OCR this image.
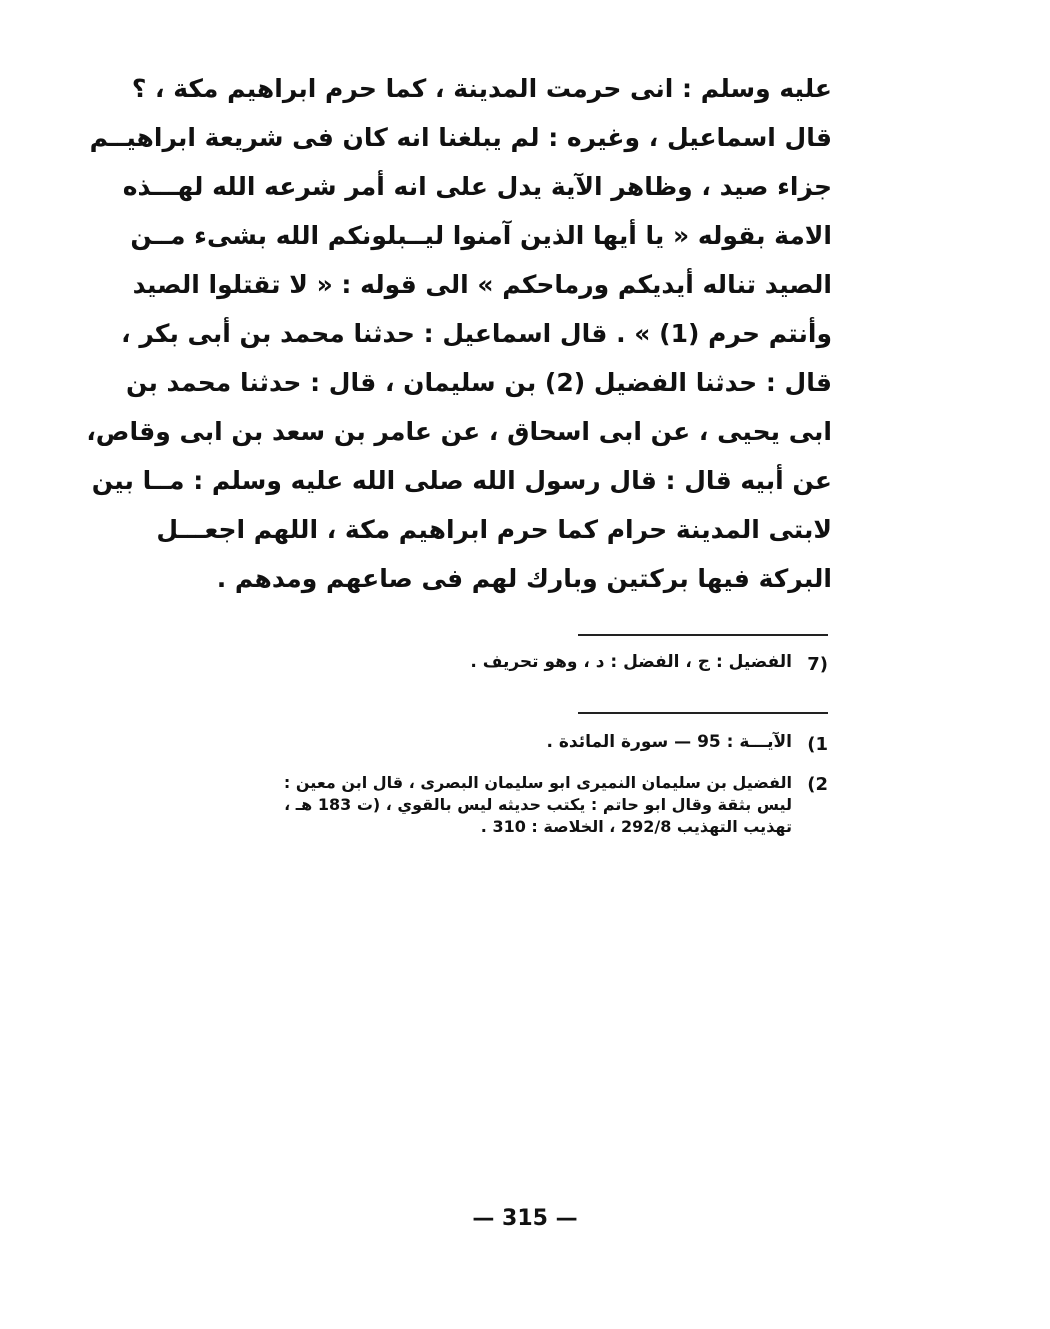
عليه وسلم : انى حرمت المدينة ، كما حرم ابراهيم مكة ، ؟
قال اسماعيل ، وغيره : لم يبلغنا انه كان فى شريعة ابراهيــم
جزاء صيد ، وظاهر الآية يدل على انه أمر شرعه الله لهـــذه
الامة بقوله « يا أيها الذين آمنوا ليــبلونكم الله بشىء مــن
الصيد تناله أيديكم ورماحكم » الى قوله : « لا تقتلوا الصيد
وأنتم حرم (1) » . قال اسماعيل : حدثنا محمد بن أبى بكر ،
قال : حدثنا الفضيل (2) بن سليمان ، قال : حدثنا محمد بن
ابى يحيى ، عن ابى اسحاق ، عن عامر بن سعد بن ابى وقاص،
عن أبيه قال : قال رسول الله صلى الله عليه وسلم : مــا بين
لابتى المدينة حرام كما حرم ابراهيم مكة ، اللهم اجعـــل
البركة فيها بركتين وبارك لهم فى صاعهم ومدهم .
7)
الفضيل : ج ، الفضل : د ، وهو تحريف .
(1
الآيـــة : 95 — سورة المائدة .
(2
الفضيل بن سليمان النميرى ابو سليمان البصرى ، قال ابن معين :
ليس بثقة وقال ابو حاتم : يكتب حديثه ليس بالقوي ، (ت 183 هـ ،
تهذيب التهذيب 292/8 ، الخلاصة : 310 .
— 315 —
